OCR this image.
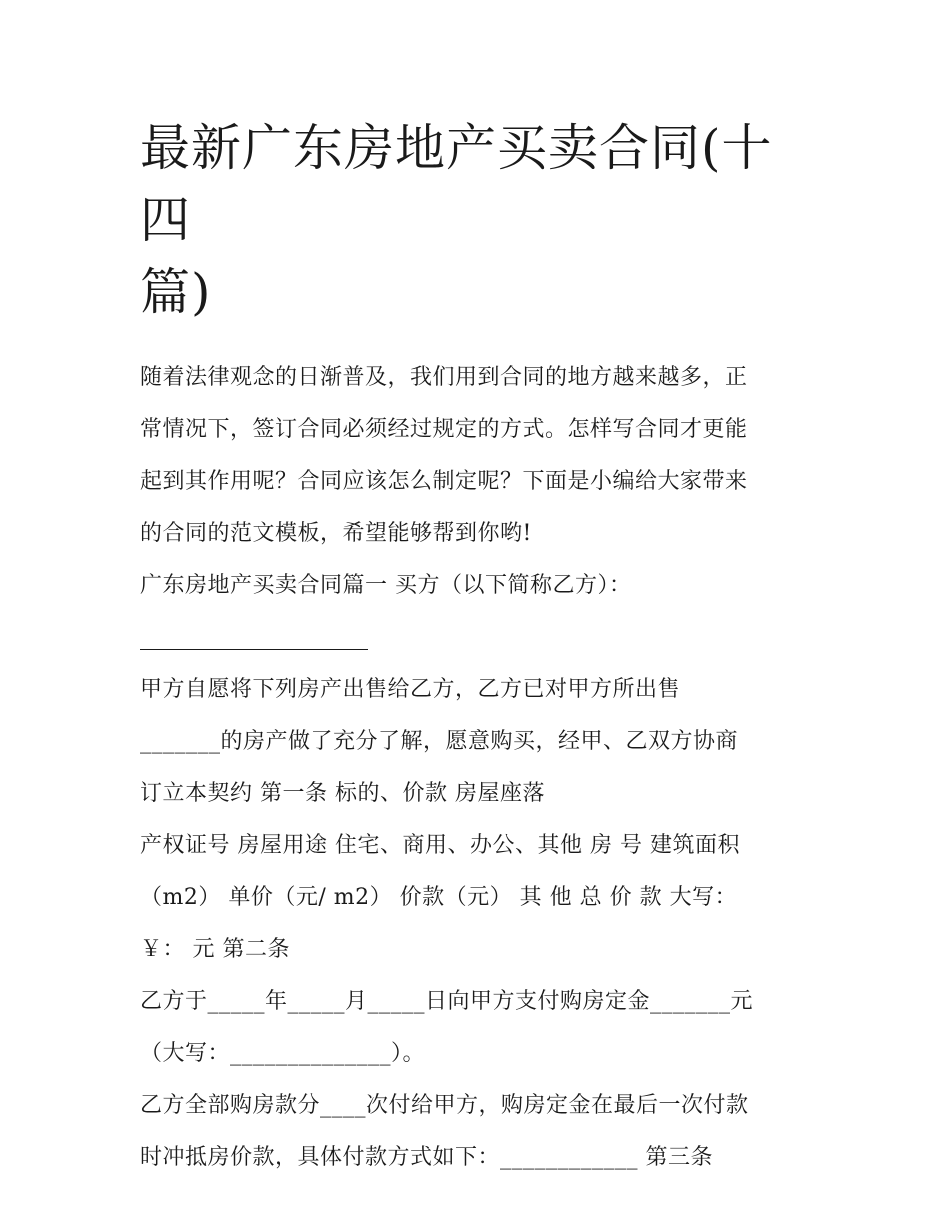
最新广东房地产买卖合同(十四
篇)
随着法律观念的日渐普及，我们用到合同的地方越来越多，正
常情况下，签订合同必须经过规定的方式。怎样写合同才更能
起到其作用呢？合同应该怎么制定呢？下面是小编给大家带来
的合同的范文模板，希望能够帮到你哟!
广东房地产买卖合同篇一 买方（以下简称乙方）：
甲方自愿将下列房产出售给乙方，乙方已对甲方所出售
_______的房产做了充分了解，愿意购买，经甲、乙双方协商
订立本契约 第一条 标的、价款 房屋座落
产权证号 房屋用途 住宅、商用、办公、其他 房 号 建筑面积
（m2） 单价（元/ m2） 价款（元） 其 他 总 价 款 大写：
￥： 元 第二条
乙方于_____年_____月_____日向甲方支付购房定金_______元
（大写：______________）。
乙方全部购房款分____次付给甲方，购房定金在最后一次付款
时冲抵房价款，具体付款方式如下：____________ 第三条
